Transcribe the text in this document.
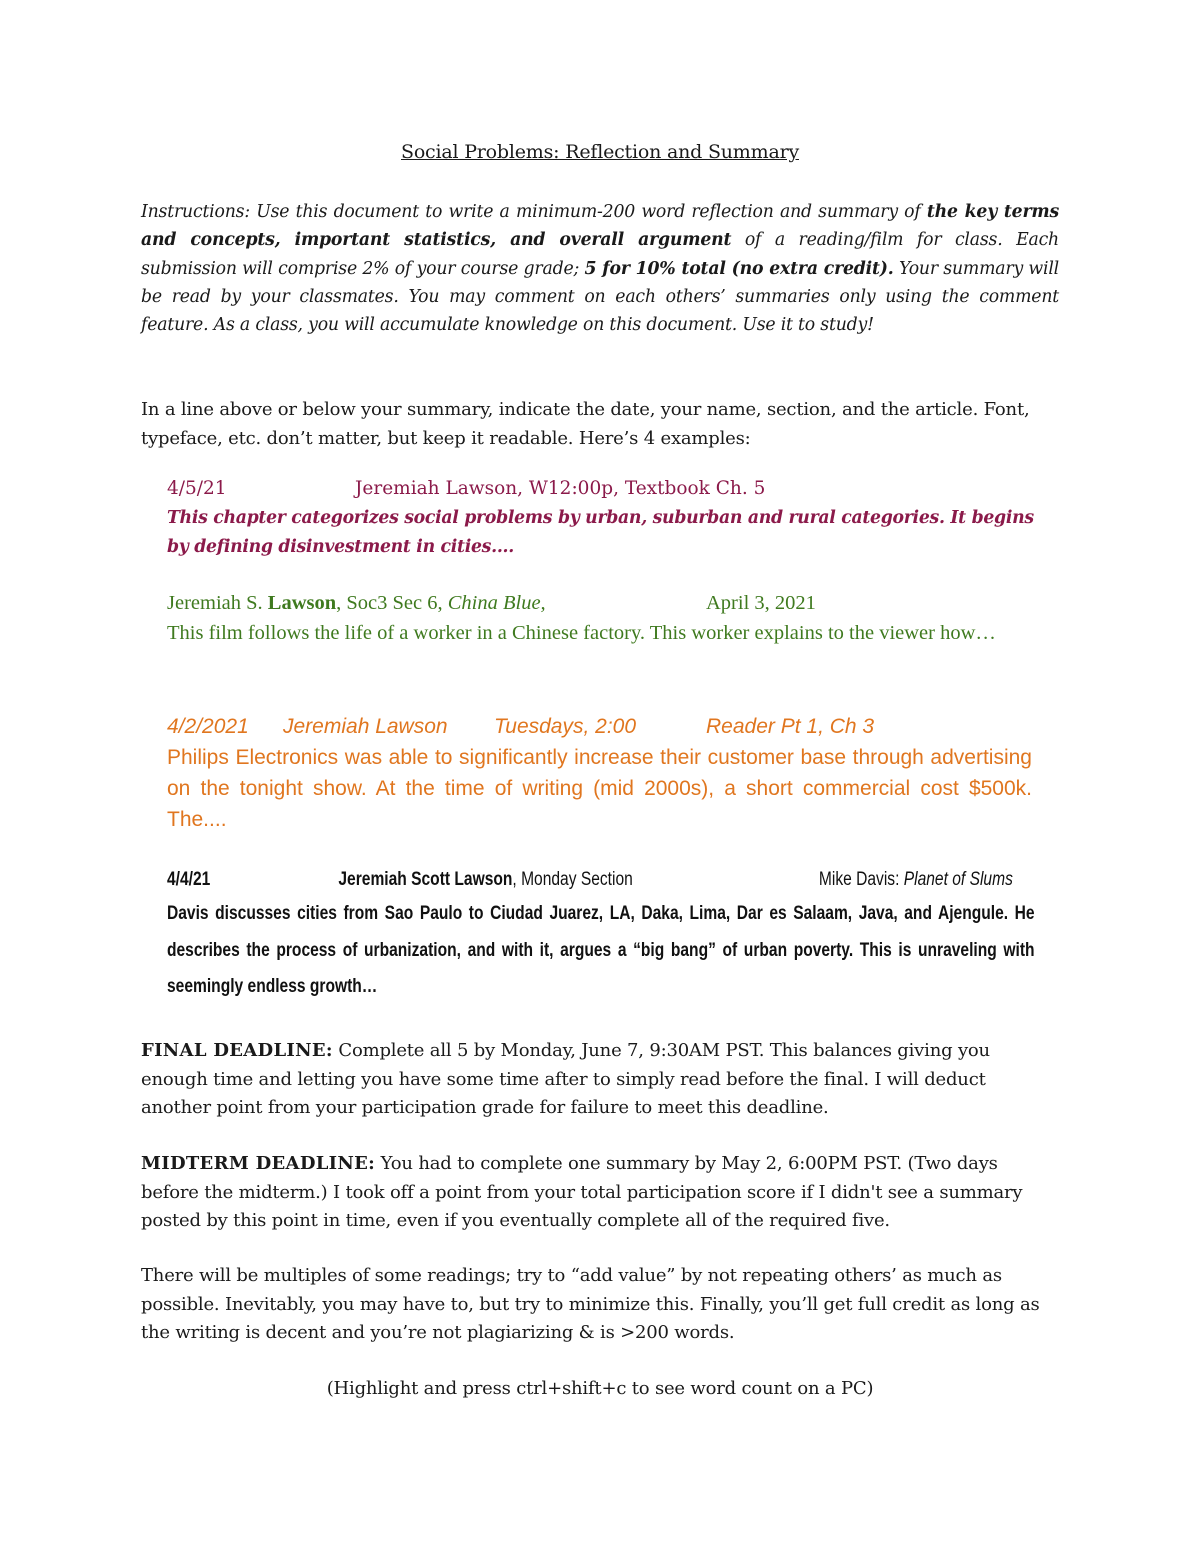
Social Problems: Reflection and Summary
Instructions: Use this document to write a minimum-200 word reflection and summary of the key terms and concepts, important statistics, and overall argument of a reading/film for class. Each submission will comprise 2% of your course grade; 5 for 10% total (no extra credit). Your summary will be read by your classmates. You may comment on each others’ summaries only using the comment feature. As a class, you will accumulate knowledge on this document. Use it to study!
In a line above or below your summary, indicate the date, your name, section, and the article. Font, typeface, etc. don’t matter, but keep it readable. Here’s 4 examples:
4/5/21	Jeremiah Lawson, W12:00p, Textbook Ch. 5
This chapter categorizes social problems by urban, suburban and rural categories. It begins by defining disinvestment in cities....
Jeremiah S. Lawson, Soc3 Sec 6, China Blue,	April 3, 2021
This film follows the life of a worker in a Chinese factory. This worker explains to the viewer how…
4/2/2021 Jeremiah Lawson Tuesdays, 2:00	Reader Pt 1, Ch 3
Philips Electronics was able to significantly increase their customer base through advertising on the tonight show. At the time of writing (mid 2000s), a short commercial cost $500k. The....
4/4/21	Jeremiah Scott Lawson, Monday Section	Mike Davis: Planet of Slums
Davis discusses cities from Sao Paulo to Ciudad Juarez, LA, Daka, Lima, Dar es Salaam, Java, and Ajengule. He describes the process of urbanization, and with it, argues a “big bang” of urban poverty. This is unraveling with seemingly endless growth…
FINAL DEADLINE: Complete all 5 by Monday, June 7, 9:30AM PST. This balances giving you enough time and letting you have some time after to simply read before the final. I will deduct another point from your participation grade for failure to meet this deadline.
MIDTERM DEADLINE: You had to complete one summary by May 2, 6:00PM PST. (Two days before the midterm.) I took off a point from your total participation score if I didn't see a summary posted by this point in time, even if you eventually complete all of the required five.
There will be multiples of some readings; try to “add value” by not repeating others’ as much as possible. Inevitably, you may have to, but try to minimize this. Finally, you’ll get full credit as long as the writing is decent and you’re not plagiarizing & is >200 words.
(Highlight and press ctrl+shift+c to see word count on a PC)
